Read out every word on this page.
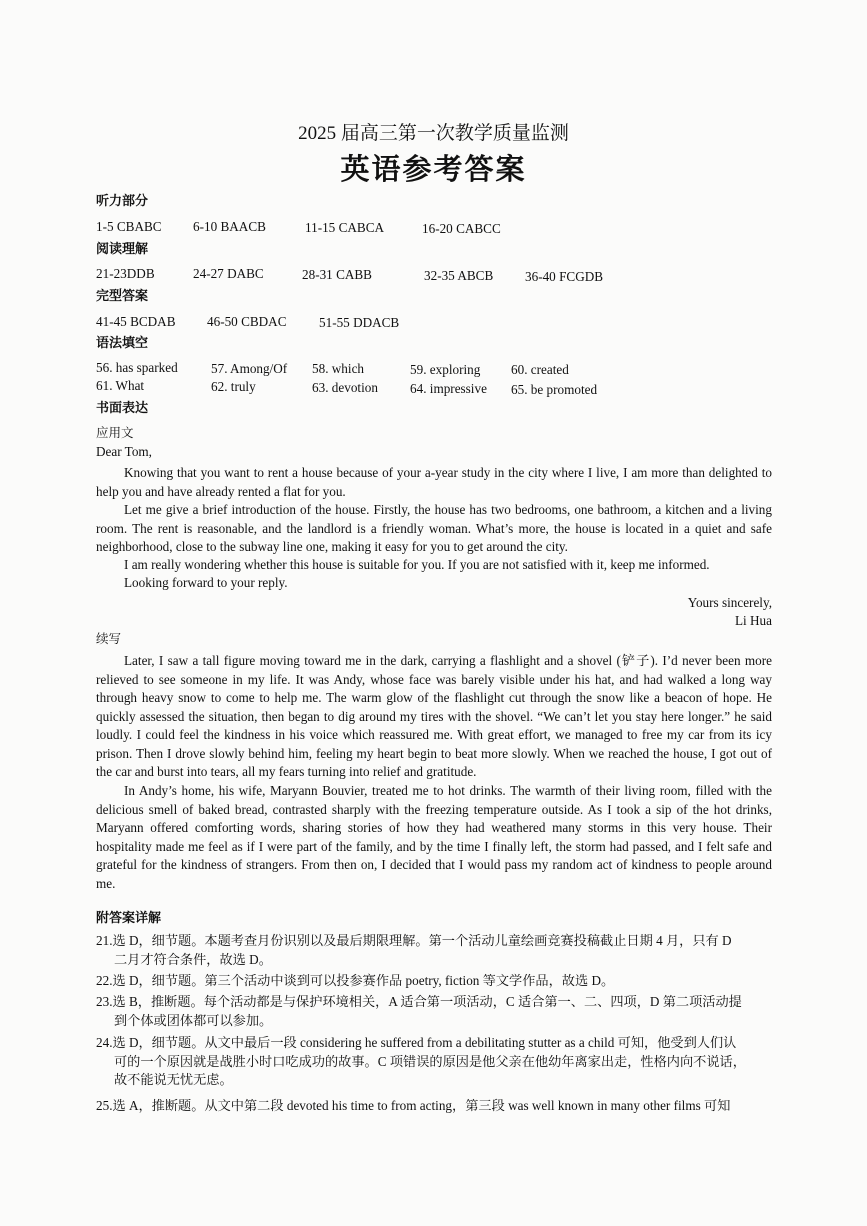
2025 届高三第一次教学质量监测
英语参考答案
听力部分
1-5 CBABC 6-10 BAACB	11-15 CABCA	16-20 CABCC
阅读理解
21-23DDB	24-27 DABC	28-31 CABB	32-35 ABCB 36-40 FCGDB
完型答案
41-45 BCDAB 46-50 CBDAC 51-55 DDACB
语法填空
56. has sparked	57. Among/Of 58. which	59. exploring 60. created
61. What	62. truly	63. devotion 64. impressive 65. be promoted
书面表达
应用文
Dear Tom,
Knowing that you want to rent a house because of your a-year study in the city where I live, I am more than delighted to help you and have already rented a flat for you.
Let me give a brief introduction of the house. Firstly, the house has two bedrooms, one bathroom, a kitchen and a living room. The rent is reasonable, and the landlord is a friendly woman. What’s more, the house is located in a quiet and safe neighborhood, close to the subway line one, making it easy for you to get around the city.
I am really wondering whether this house is suitable for you. If you are not satisfied with it, keep me informed.
Looking forward to your reply.
Yours sincerely,
Li Hua
续写
Later, I saw a tall figure moving toward me in the dark, carrying a flashlight and a shovel (铲子). I’d never been more relieved to see someone in my life. It was Andy, whose face was barely visible under his hat, and had walked a long way through heavy snow to come to help me. The warm glow of the flashlight cut through the snow like a beacon of hope. He quickly assessed the situation, then began to dig around my tires with the shovel. “We can’t let you stay here longer.” he said loudly. I could feel the kindness in his voice which reassured me. With great effort, we managed to free my car from its icy prison. Then I drove slowly behind him, feeling my heart begin to beat more slowly. When we reached the house, I got out of the car and burst into tears, all my fears turning into relief and gratitude.
In Andy’s home, his wife, Maryann Bouvier, treated me to hot drinks. The warmth of their living room, filled with the delicious smell of baked bread, contrasted sharply with the freezing temperature outside. As I took a sip of the hot drinks, Maryann offered comforting words, sharing stories of how they had weathered many storms in this very house. Their hospitality made me feel as if I were part of the family, and by the time I finally left, the storm had passed, and I felt safe and grateful for the kindness of strangers. From then on, I decided that I would pass my random act of kindness to people around me.
附答案详解
21.选 D，细节题。本题考查月份识别以及最后期限理解。第一个活动儿童绘画竞赛投稿截止日期 4 月，只有 D
二月才符合条件，故选 D。
22.选 D，细节题。第三个活动中谈到可以投参赛作品 poetry, fiction 等文学作品，故选 D。
23.选 B，推断题。每个活动都是与保护环境相关，A 适合第一项活动，C 适合第一、二、四项，D 第二项活动提
到个体或团体都可以参加。
24.选 D，细节题。从文中最后一段 considering he suffered from a debilitating stutter as a child 可知，他受到人们认
可的一个原因就是战胜小时口吃成功的故事。C 项错误的原因是他父亲在他幼年离家出走，性格内向不说话，
故不能说无忧无虑。
25.选 A，推断题。从文中第二段 devoted his time to from acting，第三段 was well known in many other films 可知
